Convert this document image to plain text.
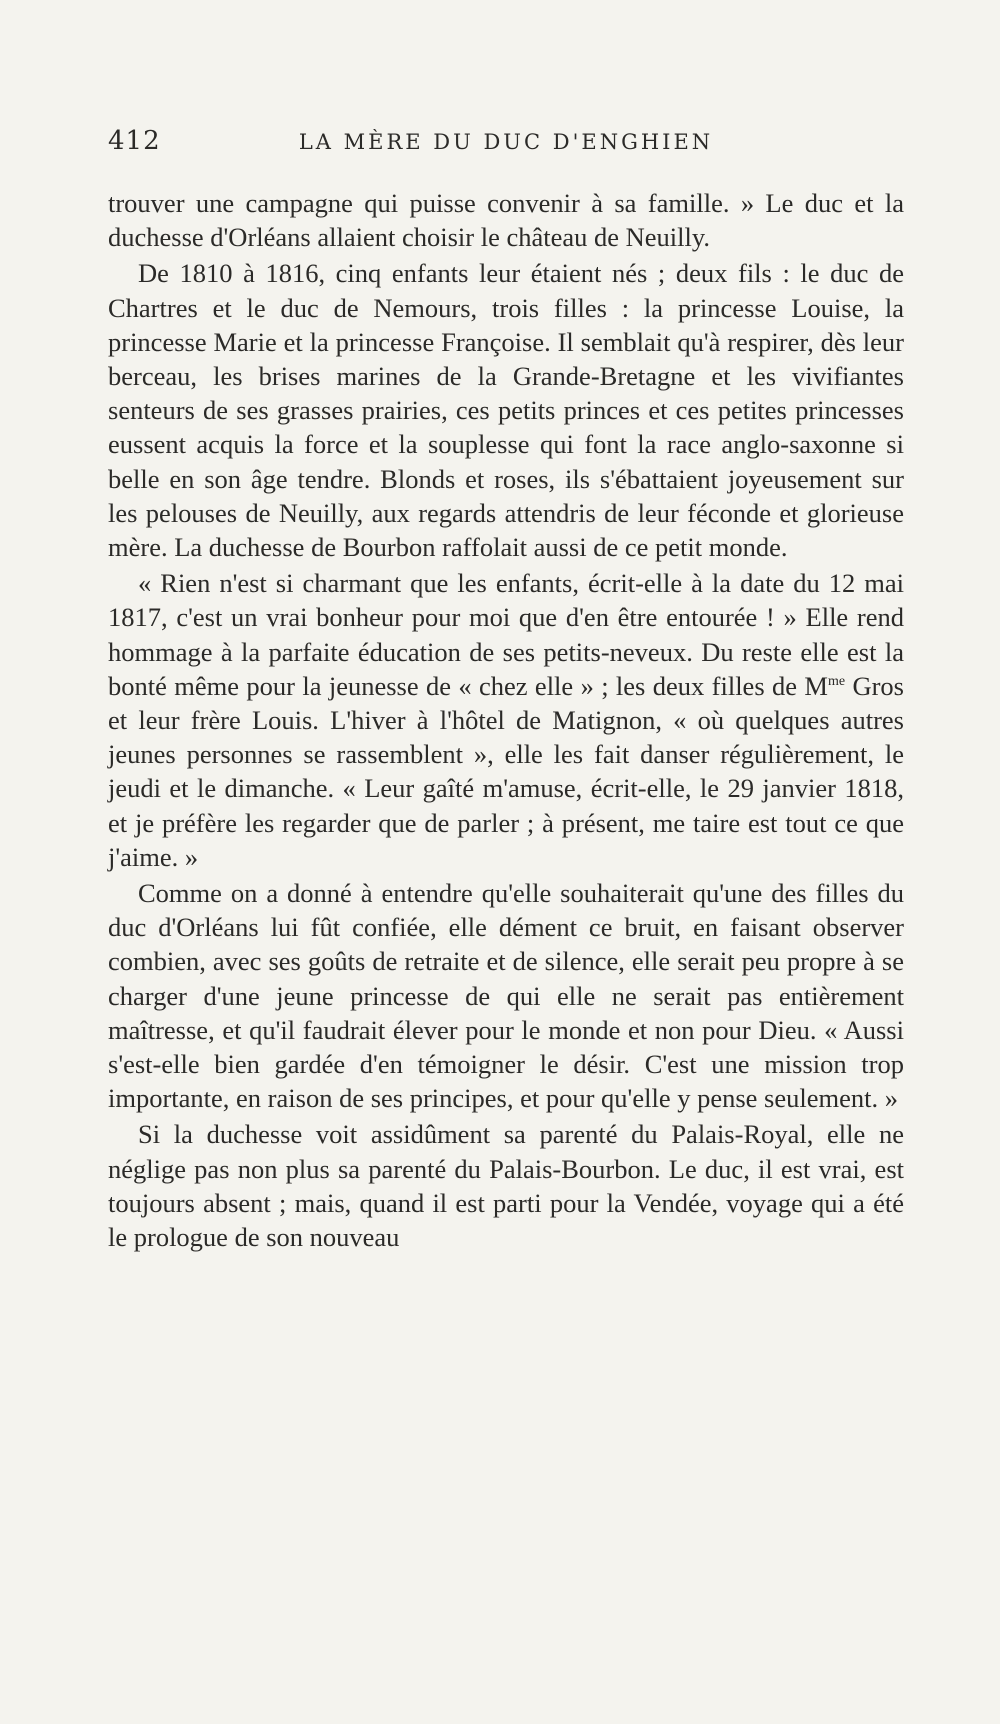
412	LA MÈRE DU DUC D'ENGHIEN

trouver une campagne qui puisse convenir à sa famille. » Le duc et la duchesse d'Orléans allaient choisir le château de Neuilly.

De 1810 à 1816, cinq enfants leur étaient nés ; deux fils : le duc de Chartres et le duc de Nemours, trois filles : la princesse Louise, la princesse Marie et la princesse Françoise. Il semblait qu'à respirer, dès leur berceau, les brises marines de la Grande-Bretagne et les vivifiantes senteurs de ses grasses prairies, ces petits princes et ces petites princesses eussent acquis la force et la souplesse qui font la race anglo-saxonne si belle en son âge tendre. Blonds et roses, ils s'ébattaient joyeusement sur les pelouses de Neuilly, aux regards attendris de leur féconde et glorieuse mère. La duchesse de Bourbon raffolait aussi de ce petit monde.

« Rien n'est si charmant que les enfants, écrit-elle à la date du 12 mai 1817, c'est un vrai bonheur pour moi que d'en être entourée ! » Elle rend hommage à la parfaite éducation de ses petits-neveux. Du reste elle est la bonté même pour la jeunesse de « chez elle » ; les deux filles de $M^{me}$ Gros et leur frère Louis. L'hiver à l'hôtel de Matignon, « où quelques autres jeunes personnes se rassemblent », elle les fait danser régulièrement, le jeudi et le dimanche. « Leur gaîté m'amuse, écrit-elle, le 29 janvier 1818, et je préfère les regarder que de parler ; à présent, me taire est tout ce que j'aime. »

Comme on a donné à entendre qu'elle souhaiterait qu'une des filles du duc d'Orléans lui fût confiée, elle dément ce bruit, en faisant observer combien, avec ses goûts de retraite et de silence, elle serait peu propre à se charger d'une jeune princesse de qui elle ne serait pas entièrement maîtresse, et qu'il faudrait élever pour le monde et non pour Dieu. « Aussi s'est-elle bien gardée d'en témoigner le désir. C'est une mission trop importante, en raison de ses principes, et pour qu'elle y pense seulement. »

Si la duchesse voit assidûment sa parenté du Palais-Royal, elle ne néglige pas non plus sa parenté du Palais-Bourbon. Le duc, il est vrai, est toujours absent ; mais, quand il est parti pour la Vendée, voyage qui a été le prologue de son nouveau
